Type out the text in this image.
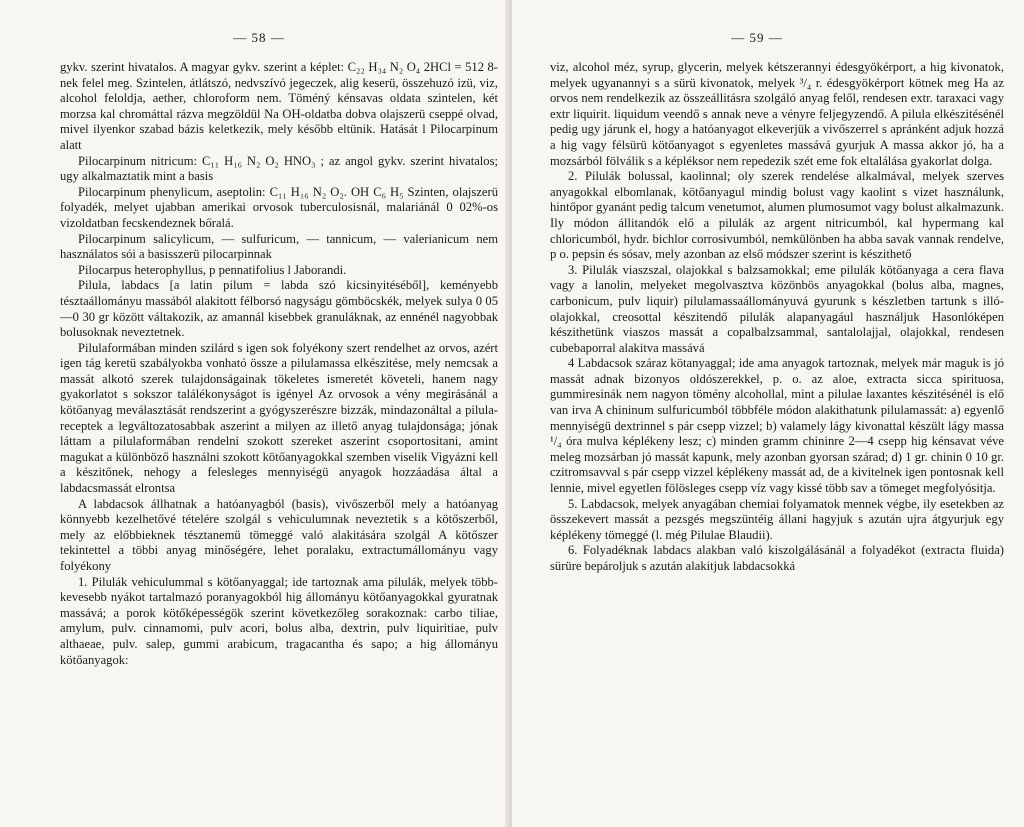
— 58 —

gykv. szerint hivatalos. A magyar gykv. szerint a képlet: C₂₂ H₃₄ N₂ O₄ 2HCl = 512 8-nek felel meg. Szintelen, átlátszó, nedvszívó jegeczek, alig keserü, összehuzó izü, viz, alcohol feloldja, aether, chloroform nem. Töméný kénsavas oldata szintelen, két morzsa kal chromáttal rázva megzöldül Na OH-oldatba dobva olajszerü cseppé olvad, mivel ilyenkor szabad bázis keletkezik, mely később eltünik. Hatását l Pilocarpinum alatt

Pilocarpinum nitricum: C₁₁ H₁₆ N₂ O₂ HNO₃ ; az angol gykv. szerint hivatalos; ugy alkalmaztatik mint a basis

Pilocarpinum phenylicum, aseptolin: C₁₁ H₁₆ N₂ O₂. OH C₆ H₅ Szinten, olajszerü folyadék, melyet ujabban amerikai orvosok tuberculosisnál, malariánál 0 02%-os vizoldatban fecskendeznek bőralá.

Pilocarpinum salicylicum, — sulfuricum, — tannicum, — valerianicum nem használatos sói a basisszerü pilocarpinnak

Pilocarpus heterophyllus, p pennatifolius l Jaborandi.

Pilula, labdacs [a latin pilum = labda szó kicsinyitéséből], keményebb tésztaállományu massából alakitott félborsó nagyságu gömböcskék, melyek sulya 0 05—0 30 gr között váltakozik, az amannál kisebbek granuláknak, az ennénél nagyobbak bolusoknak neveztetnek.

Pilulaformában minden szilárd s igen sok folyékony szert rendelhet az orvos, azért igen tág keretü szabályokba vonható össze a pilulamassa elkészitése, mely nemcsak a massát alkotó szerek tulajdonságainak tökeletes ismeretét követeli, hanem nagy gyakorlatot s sokszor találékonyságot is igényel Az orvosok a vény megirásánál a kötőanyag meválasztását rendszerint a gyógyszerészre bizzák, mindazonáltal a pilula-receptek a legváltozatosabbak aszerint a milyen az illető anyag tulajdonsága; jónak láttam a pilulaformában rendelni szokott szereket aszerint csoportositani, amint magukat a különböző használni szokott kötőanyagokkal szemben viselik Vigyázni kell a készitőnek, nehogy a felesleges mennyiségü anyagok hozzáadása által a labdacsmassát elrontsa

A labdacsok állhatnak a hatóanyagból (basis), vivőszerből mely a hatóanyag könnyebb kezelhetővé tételére szolgál s vehiculumnak neveztetik s a kötőszerből, mely az előbbieknek tésztanemü tömeggé való alakitására szolgál A kötőszer tekintettel a többi anyag minőségére, lehet poralaku, extractumállományu vagy folyékony

1. Pilulák vehiculummal s kötőanyaggal; ide tartoznak ama pilulák, melyek több-kevesebb nyákot tartalmazó poranyagokból hig állományu kötőanyagokkal gyuratnak massává; a porok kötőképességök szerint következőleg sorakoznak: carbo tiliae, amylum, pulv. cinnamomi, pulv acori, bolus alba, dextrin, pulv liquiritiae, pulv althaeae, pulv. salep, gummi arabicum, tragacantha és sapo; a hig állományu kötőanyagok:

— 59 —

viz, alcohol méz, syrup, glycerin, melyek kétszerannyi édesgyökérport, a hig kivonatok, melyek ugyanannyi s a sürü kivonatok, melyek ³/₄ r. édesgyökérport kötnek meg Ha az orvos nem rendelkezik az összeállitásra szolgáló anyag felől, rendesen extr. taraxaci vagy extr liquirit. liquidum veendő s annak neve a vényre feljegyzendő. A pilula elkészitésénél pedig ugy járunk el, hogy a hatóanyagot elkeverjük a vivőszerrel s apránként adjuk hozzá a hig vagy félsürü kötőanyagot s egyenletes massává gyurjuk A massa akkor jó, ha a mozsárból fölválik s a képléksor nem repedezik szét eme fok eltalálása gyakorlat dolga.

2. Pilulák bolussal, kaolinnal; oly szerek rendelése alkalmával, melyek szerves anyagokkal elbomlanak, kötőanyagul mindig bolust vagy kaolint s vizet használunk, hintőpor gyanánt pedig talcum venetumot, alumen plumosumot vagy bolust alkalmazunk. Ily módon állitandók elő a pilulák az argent nitricumból, kal hypermang kal chloricumból, hydr. bichlor corrosivumból, nemkülönben ha abba savak vannak rendelve, p o. pepsin és sósav, mely azonban az első módszer szerint is készithető

3. Pilulák viaszszal, olajokkal s balzsamokkal; eme pilulák kötőanyaga a cera flava vagy a lanolin, melyeket megolvasztva közönbös anyagokkal (bolus alba, magnes, carbonicum, pulv liquir) pilulamassaállományuvá gyurunk s készletben tartunk s illó-olajokkal, creosottal készitendő pilulák alapanyagául használjuk Hasonlóképen készithetünk viaszos massát a copalbalzsammal, santalolajjal, olajokkal, rendesen cubebaporral alakitva massává

4 Labdacsok száraz kötanyaggal; ide ama anyagok tartoznak, melyek már maguk is jó massát adnak bizonyos oldószerekkel, p. o. az aloe, extracta sicca spirituosa, gummiresinák nem nagyon tömény alcohollal, mint a pilulae laxantes készitésénél is elő van irva A chininum sulfuricumból többféle módon alakithatunk pilulamassát: a) egyenlő mennyiségü dextrinnel s pár csepp vizzel; b) valamely lágy kivonattal készült lágy massa ¹/₄ óra mulva képlékeny lesz; c) minden gramm chininre 2—4 csepp hig kénsavat véve meleg mozsárban jó massát kapunk, mely azonban gyorsan szárad; d) 1 gr. chinin 0 10 gr. czitromsavval s pár csepp vizzel képlékeny massát ad, de a kivitelnek igen pontosnak kell lennie, mivel egyetlen fölösleges csepp víz vagy kissé több sav a tömeget megfolyósitja.

5. Labdacsok, melyek anyagában chemiai folyamatok mennek végbe, ily esetekben az összekevert massát a pezsgés megszüntéig állani hagyjuk s azután ujra átgyurjuk egy képlékeny tömeggé (l. még Pilulae Blaudii).

6. Folyadéknak labdacs alakban való kiszolgálásánál a folyadékot (extracta fluida) sürüre bepároljuk s azután alakitjuk labdacsokká
